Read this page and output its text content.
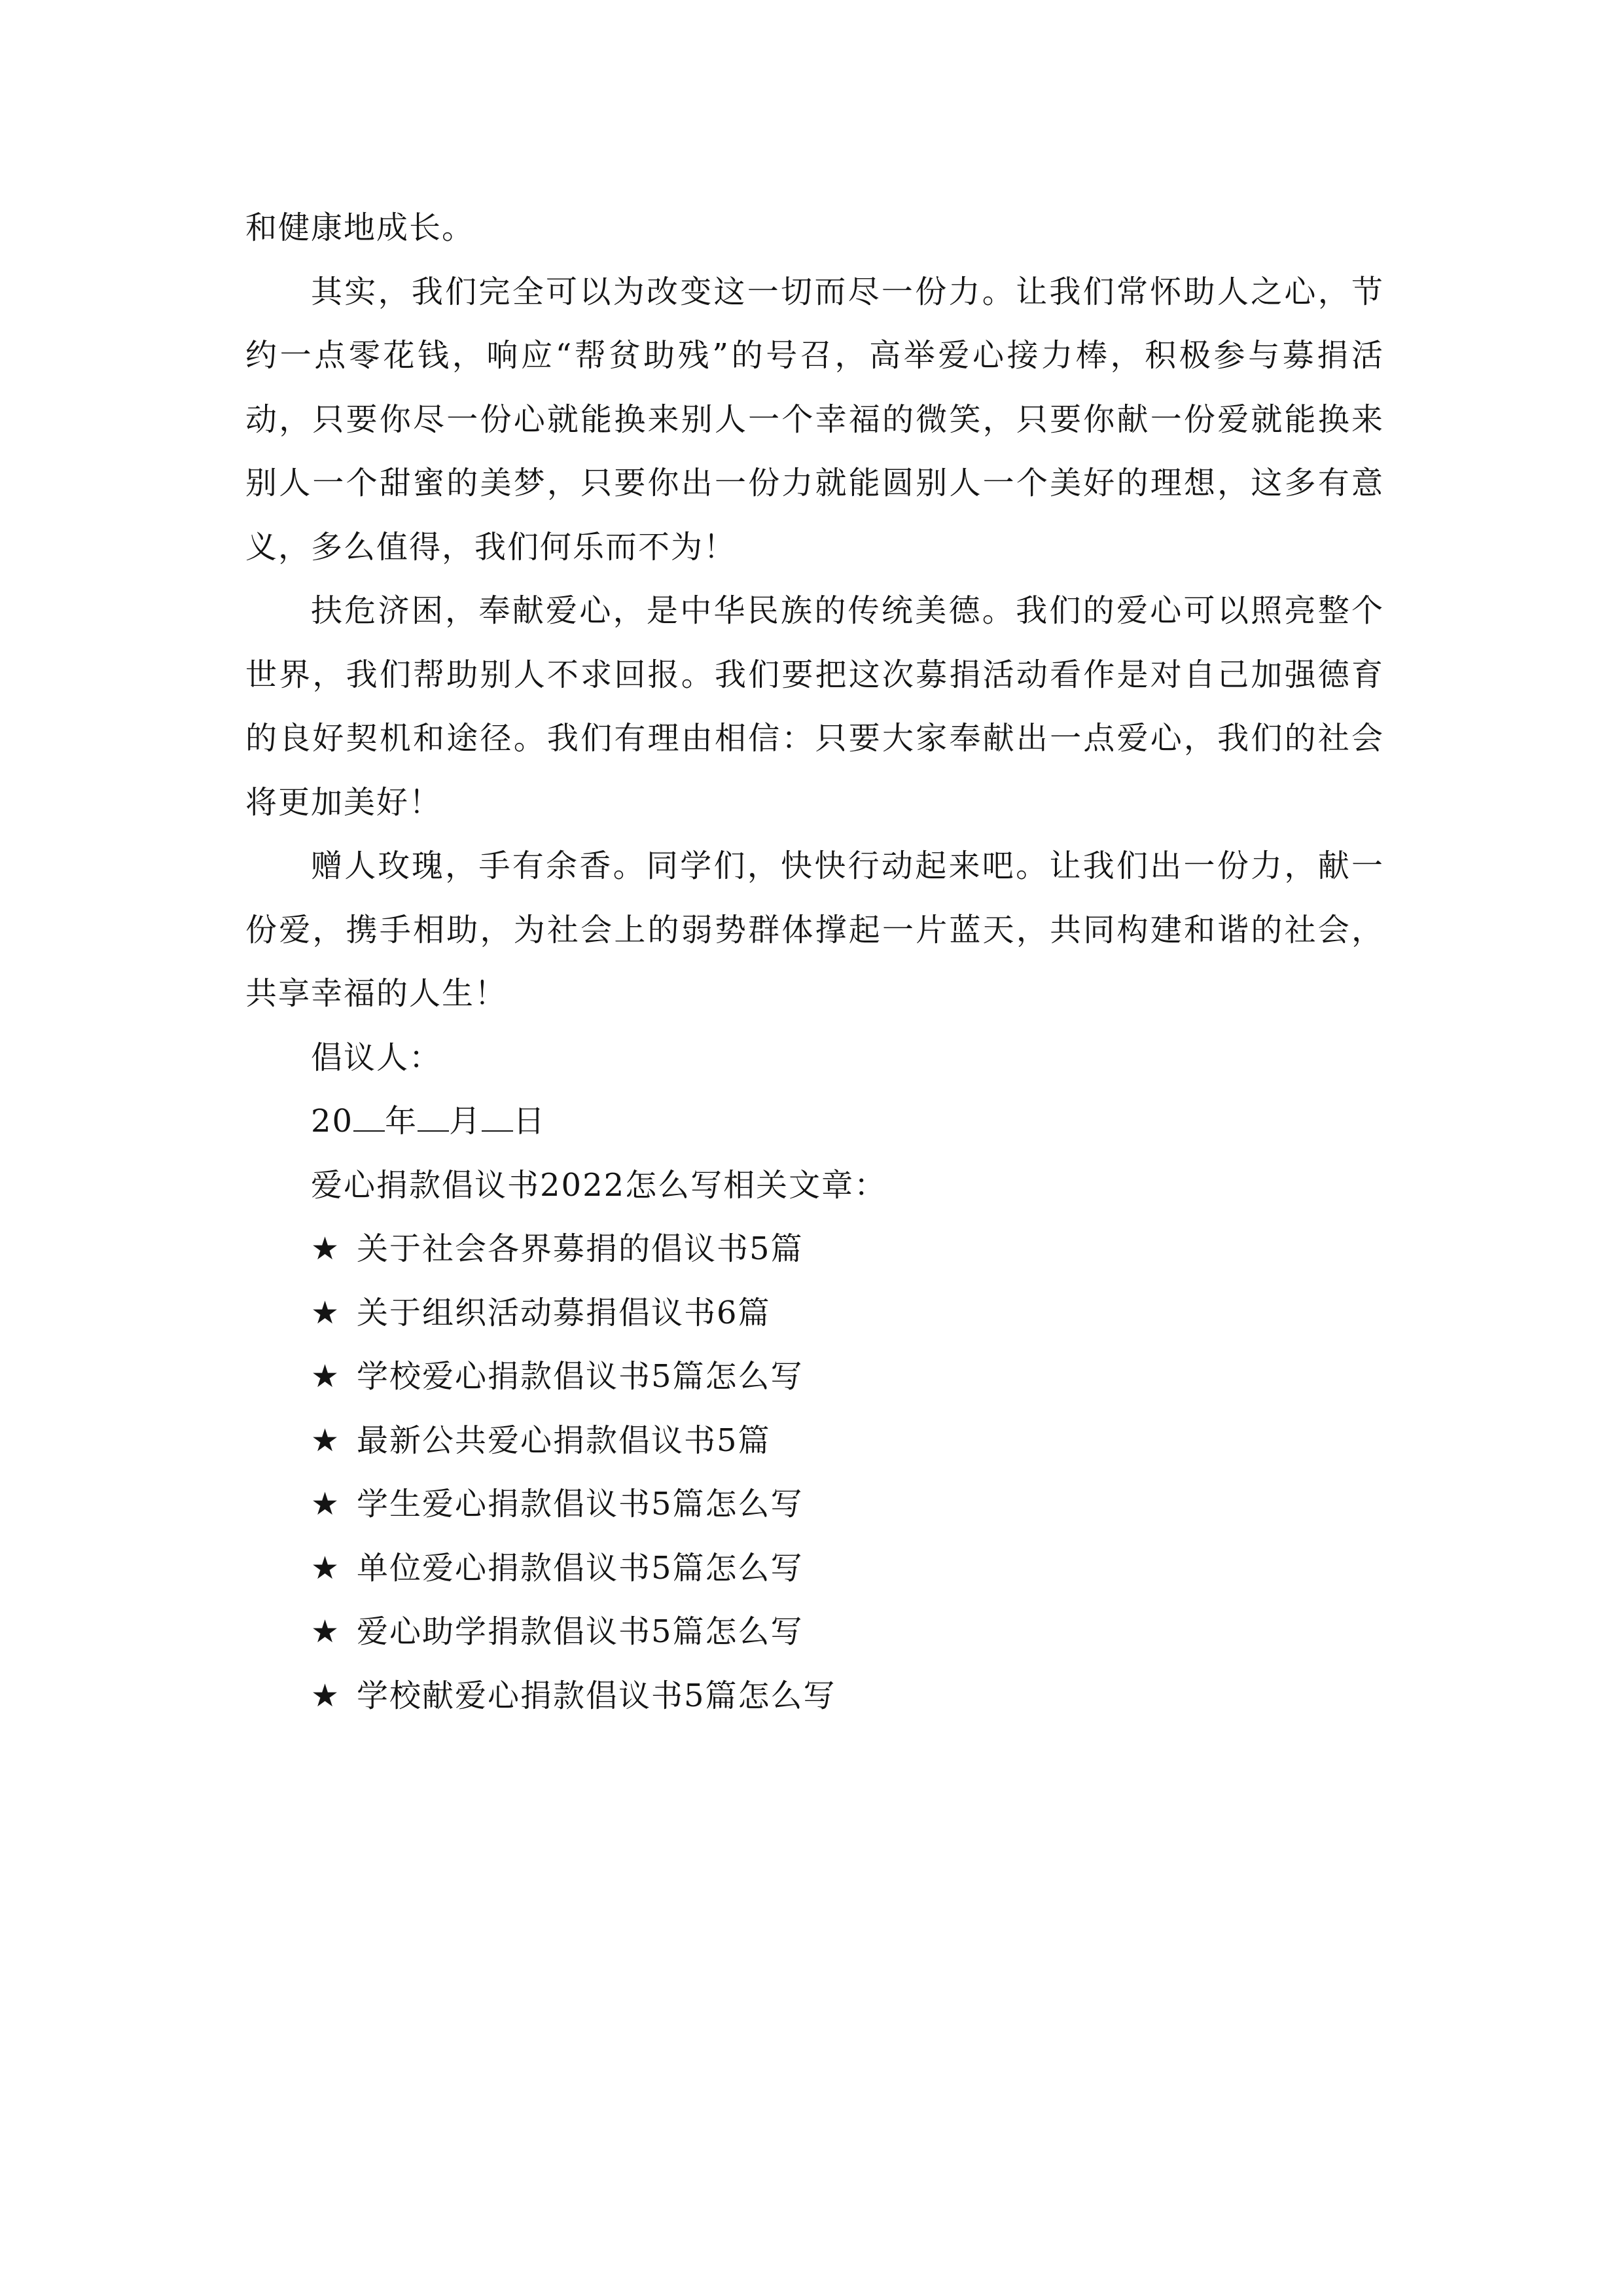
和健康地成长。

其实，我们完全可以为改变这一切而尽一份力。让我们常怀助人之心，节约一点零花钱，响应“帮贫助残”的号召，高举爱心接力棒，积极参与募捐活动，只要你尽一份心就能换来别人一个幸福的微笑，只要你献一份爱就能换来别人一个甜蜜的美梦，只要你出一份力就能圆别人一个美好的理想，这多有意义，多么值得，我们何乐而不为！

扶危济困，奉献爱心，是中华民族的传统美德。我们的爱心可以照亮整个世界，我们帮助别人不求回报。我们要把这次募捐活动看作是对自己加强德育的良好契机和途径。我们有理由相信：只要大家奉献出一点爱心，我们的社会将更加美好！

赠人玫瑰，手有余香。同学们，快快行动起来吧。让我们出一份力，献一份爱，携手相助，为社会上的弱势群体撑起一片蓝天，共同构建和谐的社会，共享幸福的人生！

倡议人：

20 年 月 日

爱心捐款倡议书2022怎么写相关文章：

★ 关于社会各界募捐的倡议书5篇
★ 关于组织活动募捐倡议书6篇
★ 学校爱心捐款倡议书5篇怎么写
★ 最新公共爱心捐款倡议书5篇
★ 学生爱心捐款倡议书5篇怎么写
★ 单位爱心捐款倡议书5篇怎么写
★ 爱心助学捐款倡议书5篇怎么写
★ 学校献爱心捐款倡议书5篇怎么写
